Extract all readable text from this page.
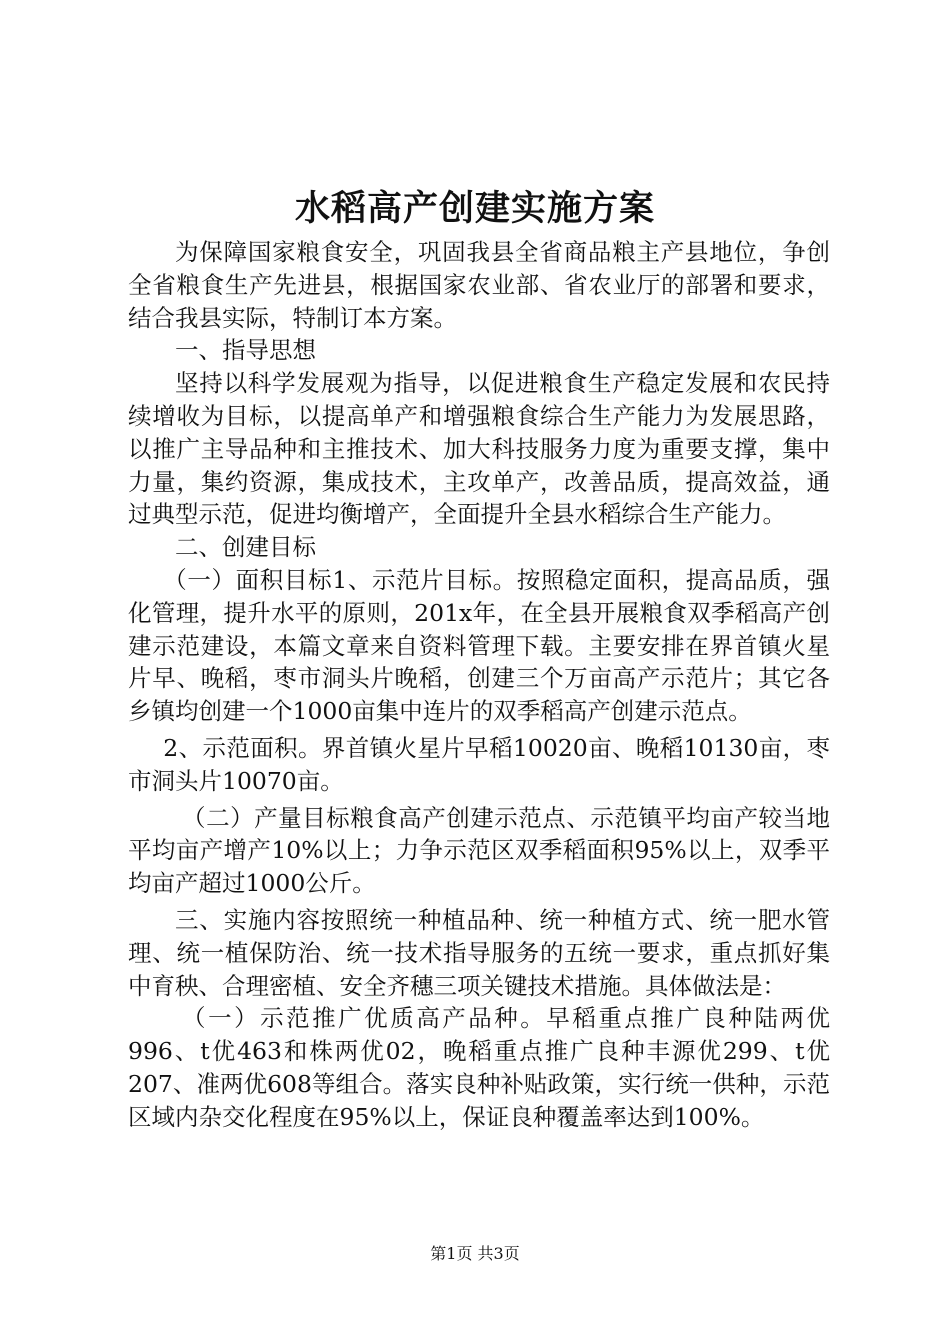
水稻高产创建实施方案

为保障国家粮食安全，巩固我县全省商品粮主产县地位，争创全省粮食生产先进县，根据国家农业部、省农业厅的部署和要求，结合我县实际，特制订本方案。

一、指导思想

坚持以科学发展观为指导，以促进粮食生产稳定发展和农民持续增收为目标，以提高单产和增强粮食综合生产能力为发展思路，以推广主导品种和主推技术、加大科技服务力度为重要支撑，集中力量，集约资源，集成技术，主攻单产，改善品质，提高效益，通过典型示范，促进均衡增产，全面提升全县水稻综合生产能力。

二、创建目标

（一）面积目标1、示范片目标。按照稳定面积，提高品质，强化管理，提升水平的原则，201x年，在全县开展粮食双季稻高产创建示范建设，本篇文章来自资料管理下载。主要安排在界首镇火星片早、晚稻，枣市洞头片晚稻，创建三个万亩高产示范片；其它各乡镇均创建一个1000亩集中连片的双季稻高产创建示范点。

2、示范面积。界首镇火星片早稻10020亩、晚稻10130亩，枣市洞头片10070亩。

（二）产量目标粮食高产创建示范点、示范镇平均亩产较当地平均亩产增产10%以上；力争示范区双季稻面积95%以上，双季平均亩产超过1000公斤。

三、实施内容按照统一种植品种、统一种植方式、统一肥水管理、统一植保防治、统一技术指导服务的五统一要求，重点抓好集中育秧、合理密植、安全齐穗三项关键技术措施。具体做法是：

（一）示范推广优质高产品种。早稻重点推广良种陆两优996、t优463和株两优02，晚稻重点推广良种丰源优299、t优207、准两优608等组合。落实良种补贴政策，实行统一供种，示范区域内杂交化程度在95%以上，保证良种覆盖率达到100%。

第1页 共3页
